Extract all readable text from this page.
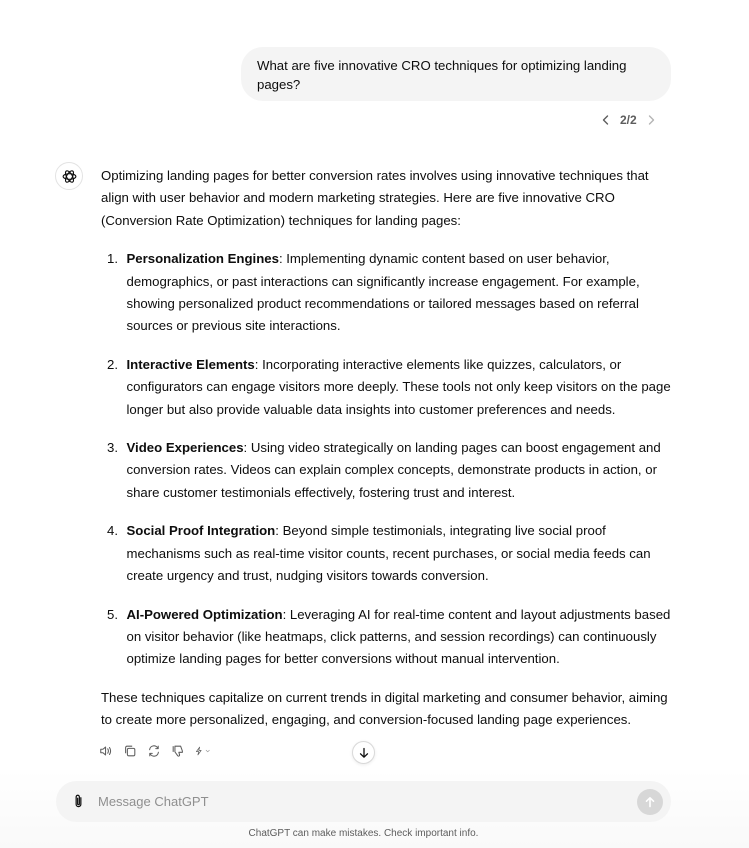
What are five innovative CRO techniques for optimizing landing pages?
2/2

Optimizing landing pages for better conversion rates involves using innovative techniques that align with user behavior and modern marketing strategies. Here are five innovative CRO (Conversion Rate Optimization) techniques for landing pages:

1. Personalization Engines: Implementing dynamic content based on user behavior, demographics, or past interactions can significantly increase engagement. For example, showing personalized product recommendations or tailored messages based on referral sources or previous site interactions.
2. Interactive Elements: Incorporating interactive elements like quizzes, calculators, or configurators can engage visitors more deeply. These tools not only keep visitors on the page longer but also provide valuable data insights into customer preferences and needs.
3. Video Experiences: Using video strategically on landing pages can boost engagement and conversion rates. Videos can explain complex concepts, demonstrate products in action, or share customer testimonials effectively, fostering trust and interest.
4. Social Proof Integration: Beyond simple testimonials, integrating live social proof mechanisms such as real-time visitor counts, recent purchases, or social media feeds can create urgency and trust, nudging visitors towards conversion.
5. AI-Powered Optimization: Leveraging AI for real-time content and layout adjustments based on visitor behavior (like heatmaps, click patterns, and session recordings) can continuously optimize landing pages for better conversions without manual intervention.

These techniques capitalize on current trends in digital marketing and consumer behavior, aiming to create more personalized, engaging, and conversion-focused landing page experiences.

Message ChatGPT
ChatGPT can make mistakes. Check important info.
